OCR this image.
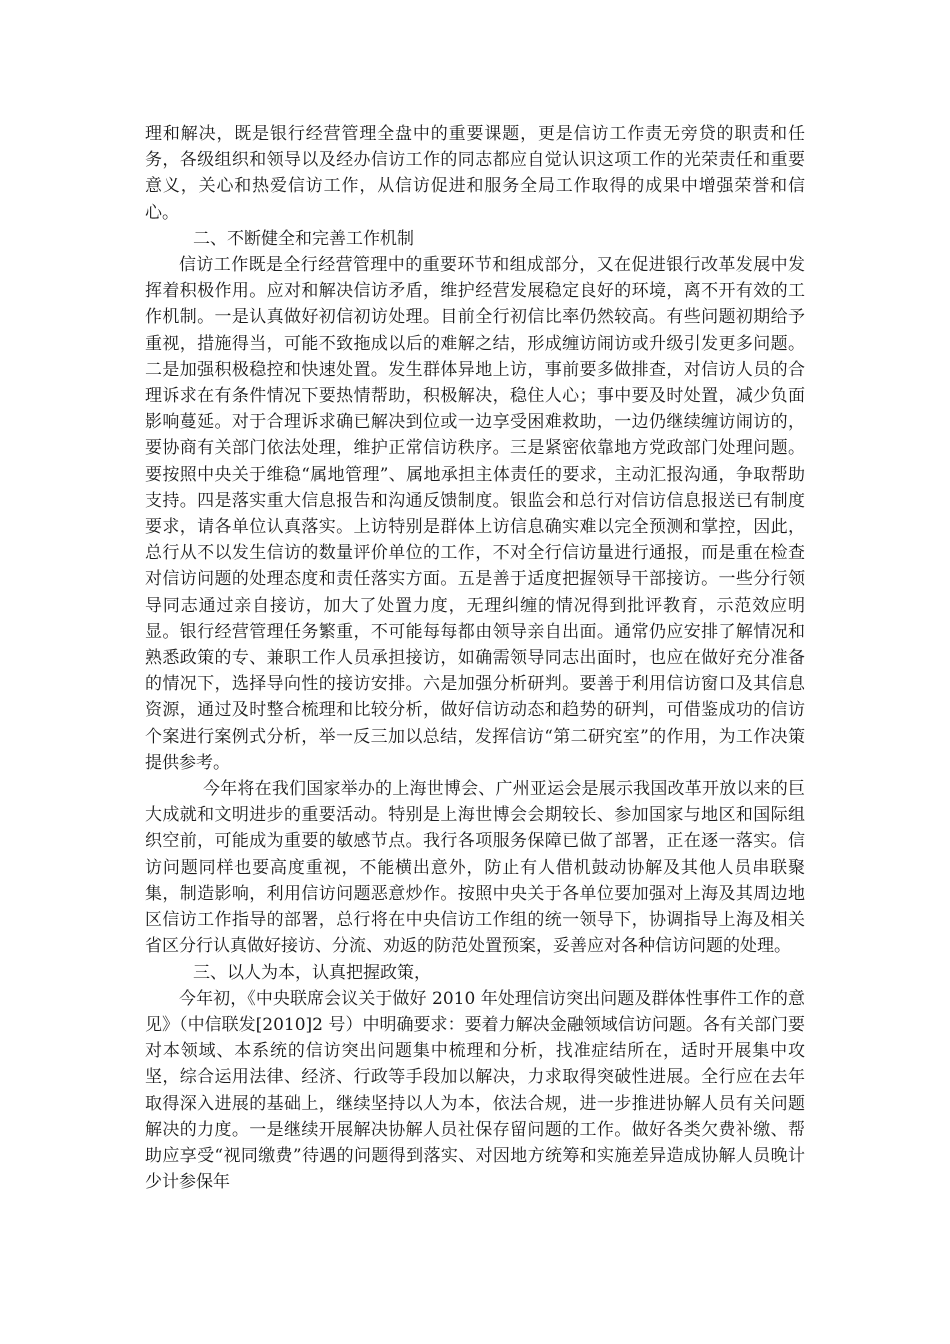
理和解决，既是银行经营管理全盘中的重要课题，更是信访工作责无旁贷的职责和任务，各级组织和领导以及经办信访工作的同志都应自觉认识这项工作的光荣责任和重要意义，关心和热爱信访工作，从信访促进和服务全局工作取得的成果中增强荣誉和信心。

二、不断健全和完善工作机制

信访工作既是全行经营管理中的重要环节和组成部分，又在促进银行改革发展中发挥着积极作用。应对和解决信访矛盾，维护经营发展稳定良好的环境，离不开有效的工作机制。一是认真做好初信初访处理。目前全行初信比率仍然较高。有些问题初期给予重视，措施得当，可能不致拖成以后的难解之结，形成缠访闹访或升级引发更多问题。二是加强积极稳控和快速处置。发生群体异地上访，事前要多做排查，对信访人员的合理诉求在有条件情况下要热情帮助，积极解决，稳住人心；事中要及时处置，减少负面影响蔓延。对于合理诉求确已解决到位或一边享受困难救助，一边仍继续缠访闹访的，要协商有关部门依法处理，维护正常信访秩序。三是紧密依靠地方党政部门处理问题。要按照中央关于维稳“属地管理”、属地承担主体责任的要求，主动汇报沟通，争取帮助支持。四是落实重大信息报告和沟通反馈制度。银监会和总行对信访信息报送已有制度要求，请各单位认真落实。上访特别是群体上访信息确实难以完全预测和掌控，因此，总行从不以发生信访的数量评价单位的工作，不对全行信访量进行通报，而是重在检查对信访问题的处理态度和责任落实方面。五是善于适度把握领导干部接访。一些分行领导同志通过亲自接访，加大了处置力度，无理纠缠的情况得到批评教育，示范效应明显。银行经营管理任务繁重，不可能每每都由领导亲自出面。通常仍应安排了解情况和熟悉政策的专、兼职工作人员承担接访，如确需领导同志出面时，也应在做好充分准备的情况下，选择导向性的接访安排。六是加强分析研判。要善于利用信访窗口及其信息资源，通过及时整合梳理和比较分析，做好信访动态和趋势的研判，可借鉴成功的信访个案进行案例式分析，举一反三加以总结，发挥信访“第二研究室”的作用，为工作决策提供参考。

今年将在我们国家举办的上海世博会、广州亚运会是展示我国改革开放以来的巨大成就和文明进步的重要活动。特别是上海世博会会期较长、参加国家与地区和国际组织空前，可能成为重要的敏感节点。我行各项服务保障已做了部署，正在逐一落实。信访问题同样也要高度重视，不能横出意外，防止有人借机鼓动协解及其他人员串联聚集，制造影响，利用信访问题恶意炒作。按照中央关于各单位要加强对上海及其周边地区信访工作指导的部署，总行将在中央信访工作组的统一领导下，协调指导上海及相关省区分行认真做好接访、分流、劝返的防范处置预案，妥善应对各种信访问题的处理。

三、以人为本，认真把握政策，

今年初，《中央联席会议关于做好 2010 年处理信访突出问题及群体性事件工作的意见》（中信联发[2010]2 号）中明确要求：要着力解决金融领域信访问题。各有关部门要对本领域、本系统的信访突出问题集中梳理和分析，找准症结所在，适时开展集中攻坚，综合运用法律、经济、行政等手段加以解决，力求取得突破性进展。全行应在去年取得深入进展的基础上，继续坚持以人为本，依法合规，进一步推进协解人员有关问题解决的力度。一是继续开展解决协解人员社保存留问题的工作。做好各类欠费补缴、帮助应享受“视同缴费”待遇的问题得到落实、对因地方统筹和实施差异造成协解人员晚计少计参保年
